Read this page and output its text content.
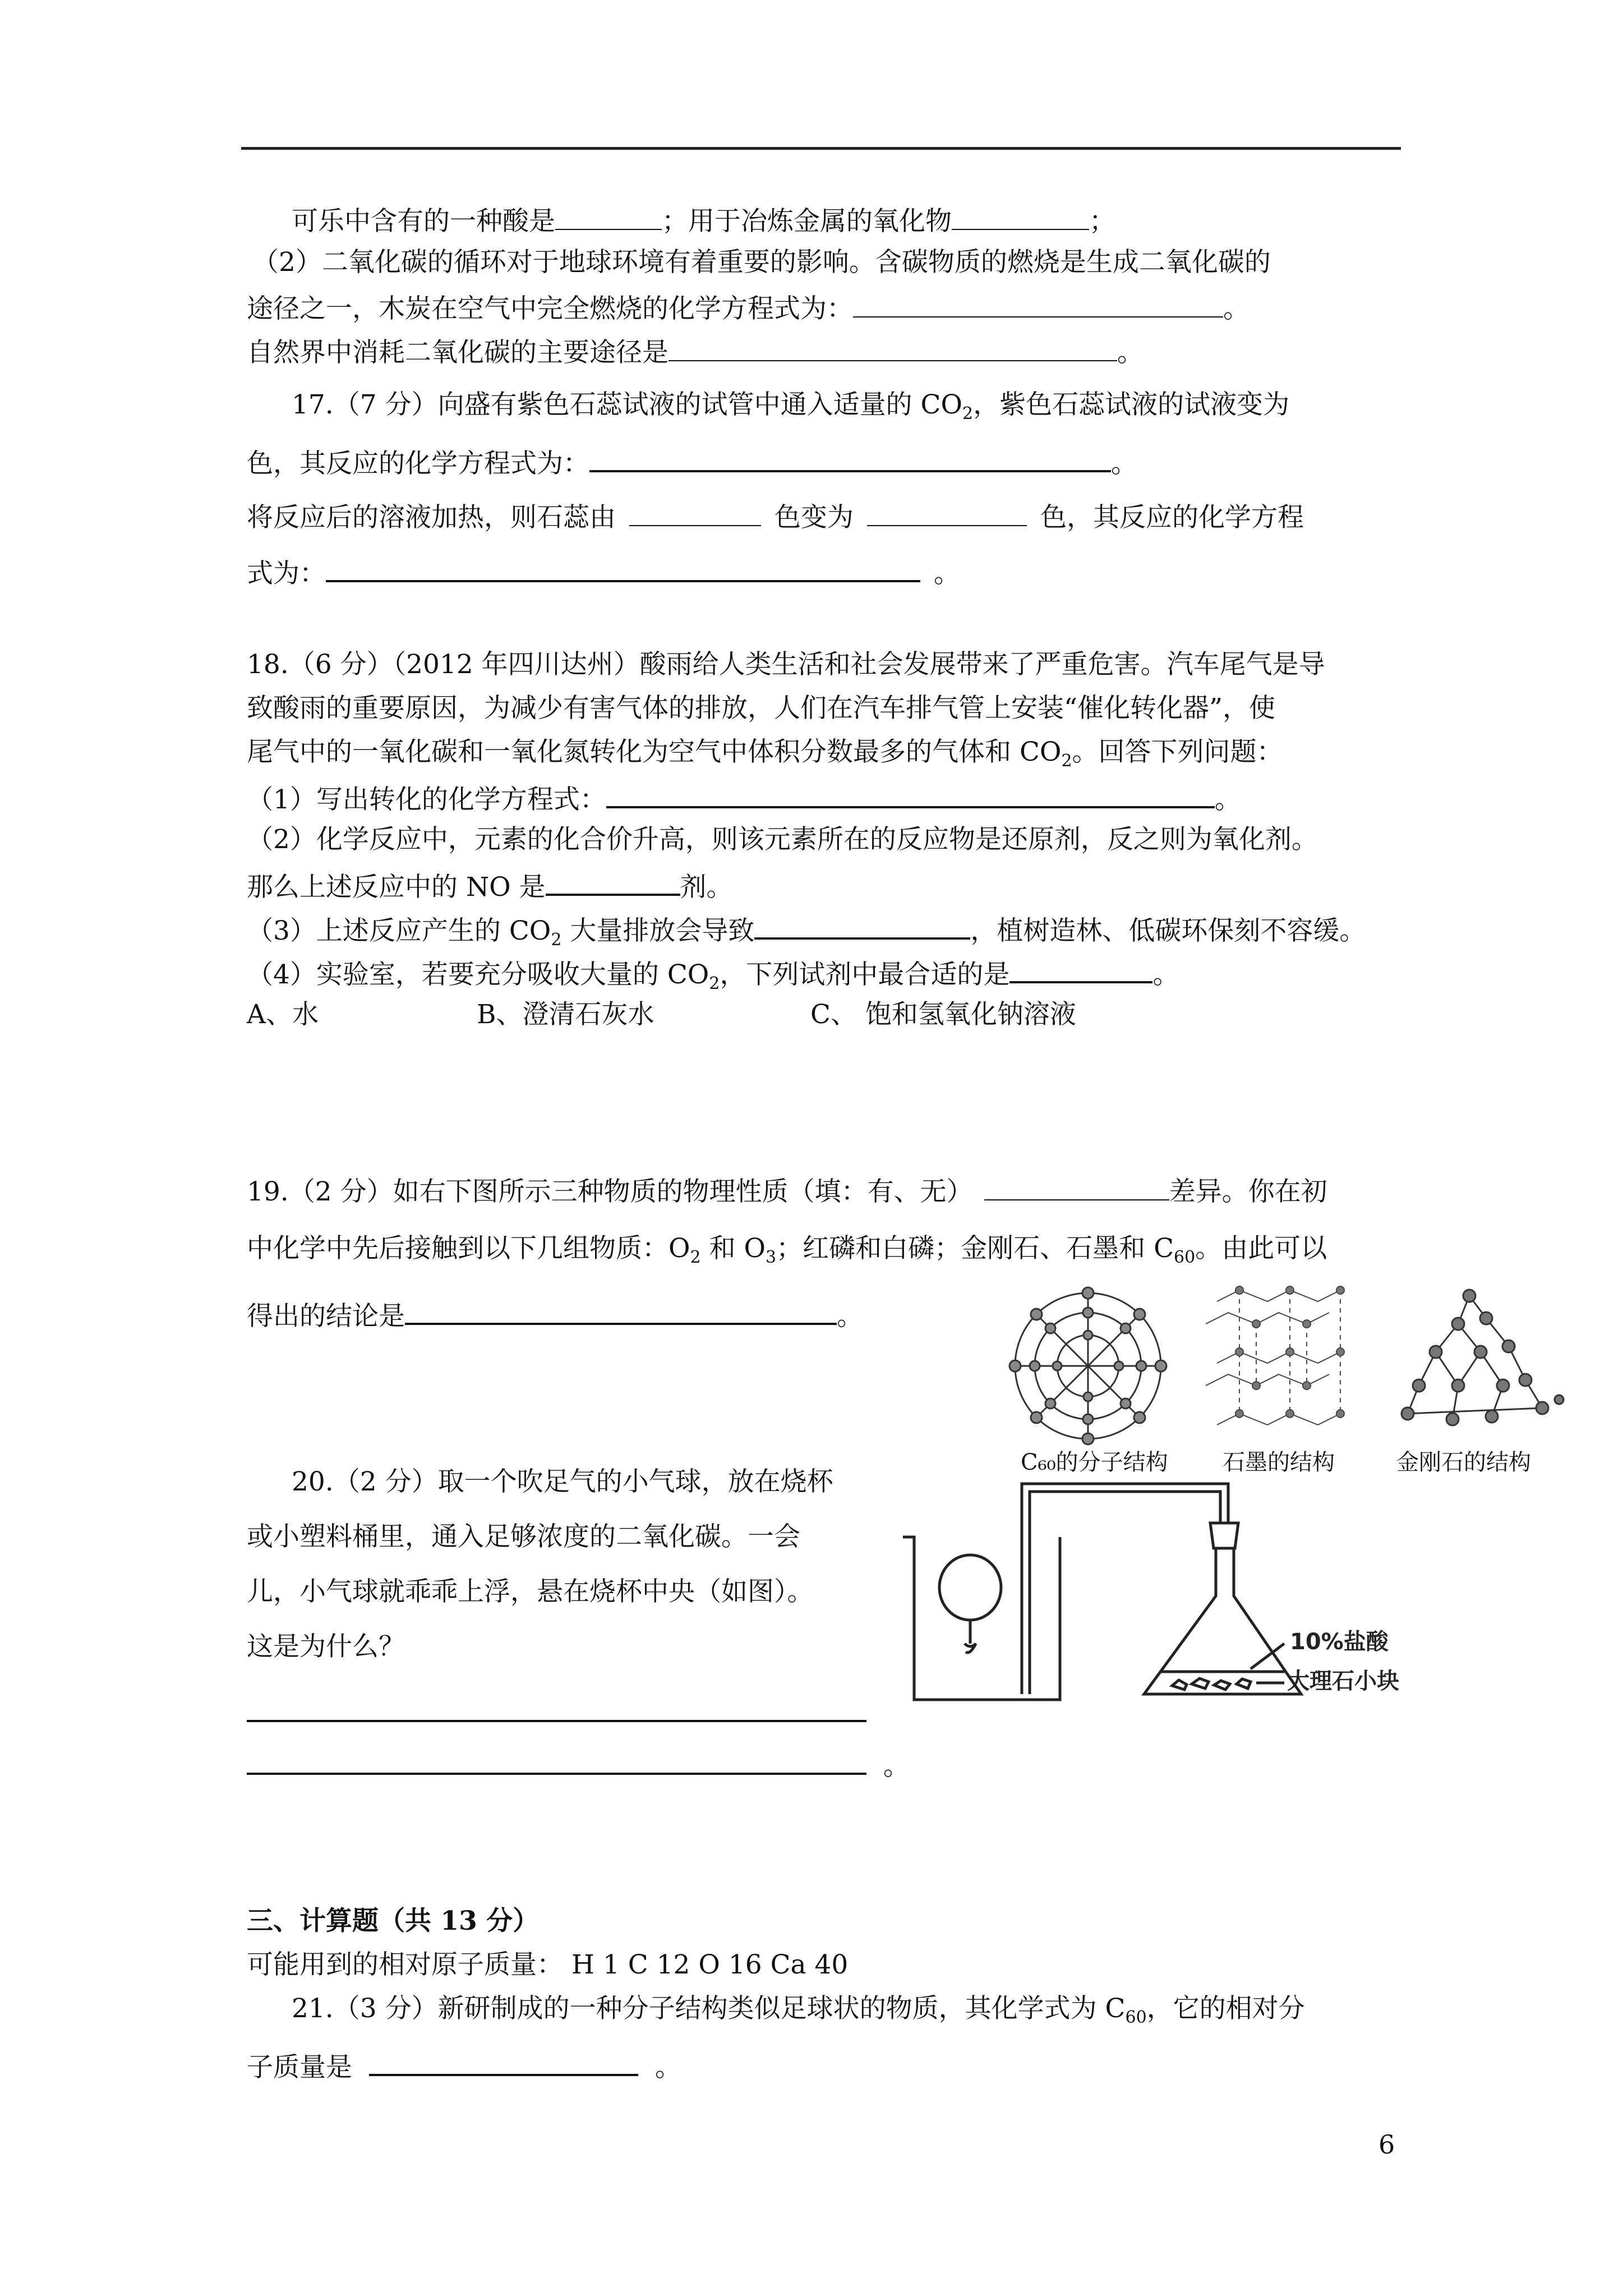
可乐中含有的一种酸是	；用于冶炼金属的氧化物	；
（2）二氧化碳的循环对于地球环境有着重要的影响。含碳物质的燃烧是生成二氧化碳的
途径之一，木炭在空气中完全燃烧的化学方程式为：	。
自然界中消耗二氧化碳的主要途径是	。
17.（7 分）向盛有紫色石蕊试液的试管中通入适量的 $CO_2$，紫色石蕊试液的试液变为
色，其反应的化学方程式为：	。
将反应后的溶液加热，则石蕊由	色变为	色，其反应的化学方程
式为：	。
18.（6 分）（2012 年四川达州）酸雨给人类生活和社会发展带来了严重危害。汽车尾气是导
致酸雨的重要原因，为减少有害气体的排放，人们在汽车排气管上安装“催化转化器”，使
尾气中的一氧化碳和一氧化氮转化为空气中体积分数最多的气体和 $CO_2$。回答下列问题：
（1）写出转化的化学方程式：	。
（2）化学反应中，元素的化合价升高，则该元素所在的反应物是还原剂，反之则为氧化剂。
那么上述反应中的 NO 是	剂。
（3）上述反应产生的 $CO_2$ 大量排放会导致	，植树造林、低碳环保刻不容缓。
（4）实验室，若要充分吸收大量的 $CO_2$，下列试剂中最合适的是	。
A、水	B、澄清石灰水	C、 饱和氢氧化钠溶液
19.（2 分）如右下图所示三种物质的物理性质（填：有、无）	差异。你在初
中化学中先后接触到以下几组物质：$O_2$ 和 $O_3$；红磷和白磷；金刚石、石墨和 $C_{60}$。由此可以
得出的结论是	。
C₆₀的分子结构 石墨的结构	金刚石的结构
20.（2 分）取一个吹足气的小气球，放在烧杯
或小塑料桶里，通入足够浓度的二氧化碳。一会
儿，小气球就乖乖上浮，悬在烧杯中央（如图）。
这是为什么？
。
10%盐酸
大理石小块
三、计算题（共 13 分）
可能用到的相对原子质量： H 1 C 12 O 16 Ca 40
21.（3 分）新研制成的一种分子结构类似足球状的物质，其化学式为 $C_{60}$，它的相对分
子质量是	。
6
